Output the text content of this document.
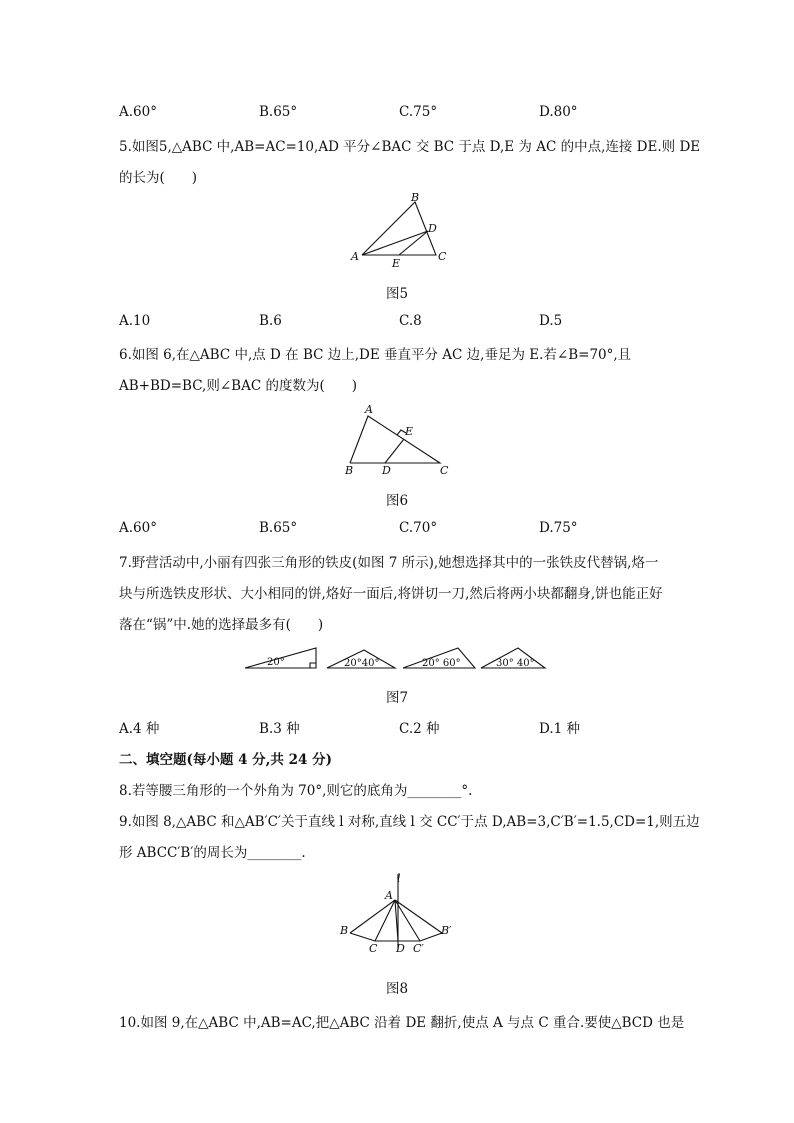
A.60°	B.65°	C.75°	D.80°
5.如图5,△ABC 中,AB=AC=10,AD 平分∠BAC 交 BC 于点 D,E 为 AC 的中点,连接 DE.则 DE
的长为(　　)
A
B
C
D
E
图5
A.10	B.6	C.8	D.5
6.如图 6,在△ABC 中,点 D 在 BC 边上,DE 垂直平分 AC 边,垂足为 E.若∠B=70°,且
AB+BD=BC,则∠BAC 的度数为(　　)
A
B	C
D
E
图6
A.60°	B.65°	C.70°	D.75°
7.野营活动中,小丽有四张三角形的铁皮(如图 7 所示),她想选择其中的一张铁皮代替锅,烙一
块与所选铁皮形状、大小相同的饼,烙好一面后,将饼切一刀,然后将两小块都翻身,饼也能正好
落在“锅”中.她的选择最多有(　　)
20°	20°40°	20° 60°	30° 40°
图7
A.4 种	B.3 种	C.2 种	D.1 种
二、填空题(每小题 4 分,共 24 分)
8.若等腰三角形的一个外角为 70°,则它的底角为________°.
9.如图 8,△ABC 和△AB′C′关于直线 l 对称,直线 l 交 CC′于点 D,AB=3,C′B′=1.5,CD=1,则五边
形 ABCC′B′的周长为________.
l
A
B	B′
C	C′
D
图8
10.如图 9,在△ABC 中,AB=AC,把△ABC 沿着 DE 翻折,使点 A 与点 C 重合.要使△BCD 也是
